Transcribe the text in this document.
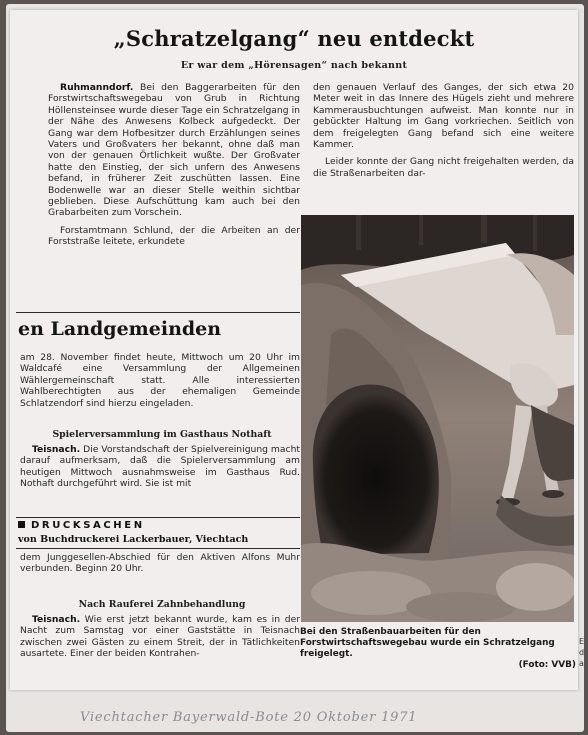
„Schratzelgang“ neu entdeckt

Er war dem „Hörensagen“ nach bekannt

Ruhmanndorf. Bei den Baggerarbeiten für den Forstwirtschaftswegebau von Grub in Richtung Höllensteinsee wurde dieser Tage ein Schratzelgang in der Nähe des Anwesens Kolbeck aufgedeckt. Der Gang war dem Hofbesitzer durch Erzählungen seines Vaters und Großvaters her bekannt, ohne daß man von der genauen Örtlichkeit wußte. Der Großvater hatte den Einstieg, der sich unfern des Anwesens befand, in früherer Zeit zuschütten lassen. Eine Bodenwelle war an dieser Stelle weithin sichtbar geblieben. Diese Aufschüttung kam auch bei den Grabarbeiten zum Vorschein.

Forstamtmann Schlund, der die Arbeiten an der Forststraße leitete, erkundete

den genauen Verlauf des Ganges, der sich etwa 20 Meter weit in das Innere des Hügels zieht und mehrere Kammerausbuchtungen aufweist. Man konnte nur in gebückter Haltung im Gang vorkriechen. Seitlich von dem freigelegten Gang befand sich eine weitere Kammer.

Leider konnte der Gang nicht freigehalten werden, da die Straßenarbeiten dar-

en Landgemeinden
am 28. November findet heute, Mittwoch um 20 Uhr im Waldcafé eine Versammlung der Allgemeinen Wählergemeinschaft statt. Alle interessierten Wahlberechtigten aus der ehemaligen Gemeinde Schlatzendorf sind hierzu eingeladen.

Spielerversammlung im Gasthaus Nothaft

Teisnach. Die Vorstandschaft der Spielvereinigung macht darauf aufmerksam, daß die Spielerversammlung am heutigen Mittwoch ausnahmsweise im Gasthaus Rud. Nothaft durchgeführt wird. Sie ist mit

DRUCKSACHEN

von Buchdruckerei Lackerbauer, Viechtach

dem Junggesellen-Abschied für den Aktiven Alfons Muhr verbunden. Beginn 20 Uhr.

Nach Rauferei Zahnbehandlung

Teisnach. Wie erst jetzt bekannt wurde, kam es in der Nacht zum Samstag vor einer Gaststätte in Teisnach zwischen zwei Gästen zu einem Streit, der in Tätlichkeiten ausartete. Einer der beiden Kontrahen-

Bei den Straßenbauarbeiten für den Forstwirtschaftswegebau wurde ein Schratzelgang freigelegt.
(Foto: VVB)

E d a

Viechtacher Bayerwald-Bote 20 Oktober 1971
